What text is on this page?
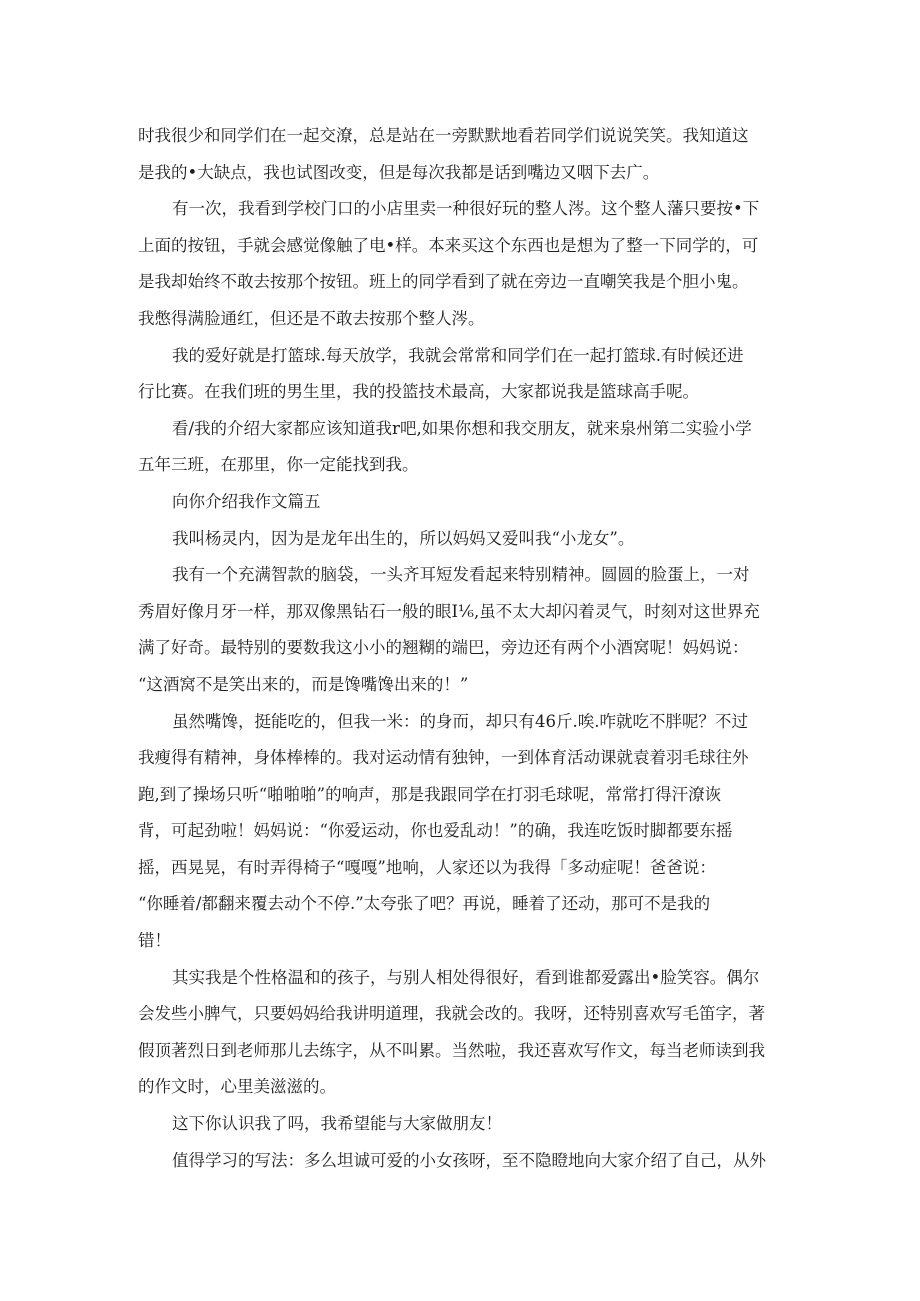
时我很少和同学们在一起交潦，总是站在一旁默默地看若同学们说说笑笑。我知道这
是我的•大缺点，我也试图改变，但是每次我都是话到嘴边又咽下去广。
有一次，我看到学校门口的小店里卖一种很好玩的整人涔。这个整人藩只要按•下
上面的按钮，手就会感觉像触了电•样。本来买这个东西也是想为了整一下同学的，可
是我却始终不敢去按那个按钮。班上的同学看到了就在旁边一直嘲笑我是个胆小鬼。
我憋得满脸通红，但还是不敢去按那个整人涔。
我的爱好就是打篮球.每天放学，我就会常常和同学们在一起打篮球.有时候还进
行比赛。在我们班的男生里，我的投篮技术最高，大家都说我是篮球高手呢。
看/我的介绍大家都应该知道我r吧,如果你想和我交朋友，就来泉州第二实验小学
五年三班，在那里，你一定能找到我。
向你介绍我作文篇五
我叫杨灵内，因为是龙年出生的，所以妈妈又爱叫我“小龙女”。
我有一个充满智款的脑袋，一头齐耳短发看起来特别精神。圆圆的脸蛋上，一对
秀眉好像月牙一样，那双像黑钻石一般的眼I⅙,虽不太大却闪着灵气，时刻对这世界充
满了好奇。最特别的要数我这小小的翘糊的端巴，旁边还有两个小酒窝呢！妈妈说：
“这酒窝不是笑出来的，而是馋嘴馋出来的！”
虽然嘴馋，挺能吃的，但我一米：的身而，却只有46斤.唉.咋就吃不胖呢？不过
我瘦得有精神，身体棒棒的。我对运动情有独钟，一到体育活动课就袁着羽毛球往外
跑,到了操场只听“啪啪啪”的响声，那是我跟同学在打羽毛球呢，常常打得汗潦诙
背，可起劲啦！妈妈说：“你爱运动，你也爱乱动！”的确，我连吃饭时脚都要东摇
摇，西晃晃，有时弄得椅子“嘎嘎”地响，人家还以为我得「多动症呢！爸爸说：
“你睡着/都翻来覆去动个不停.”太夸张了吧？再说，睡着了还动，那可不是我的
错！
其实我是个性格温和的孩子，与别人相处得很好，看到谁都爱露出•脸笑容。偶尔
会发些小脾气，只要妈妈给我讲明道理，我就会改的。我呀，还特别喜欢写毛笛字，著
假顶著烈日到老师那儿去练字，从不叫累。当然啦，我还喜欢写作文，每当老师读到我
的作文时，心里美滋滋的。
这下你认识我了吗，我希望能与大家做朋友！
值得学习的写法：多么坦诚可爱的小女孩呀，至不隐瞪地向大家介绍了自己，从外
